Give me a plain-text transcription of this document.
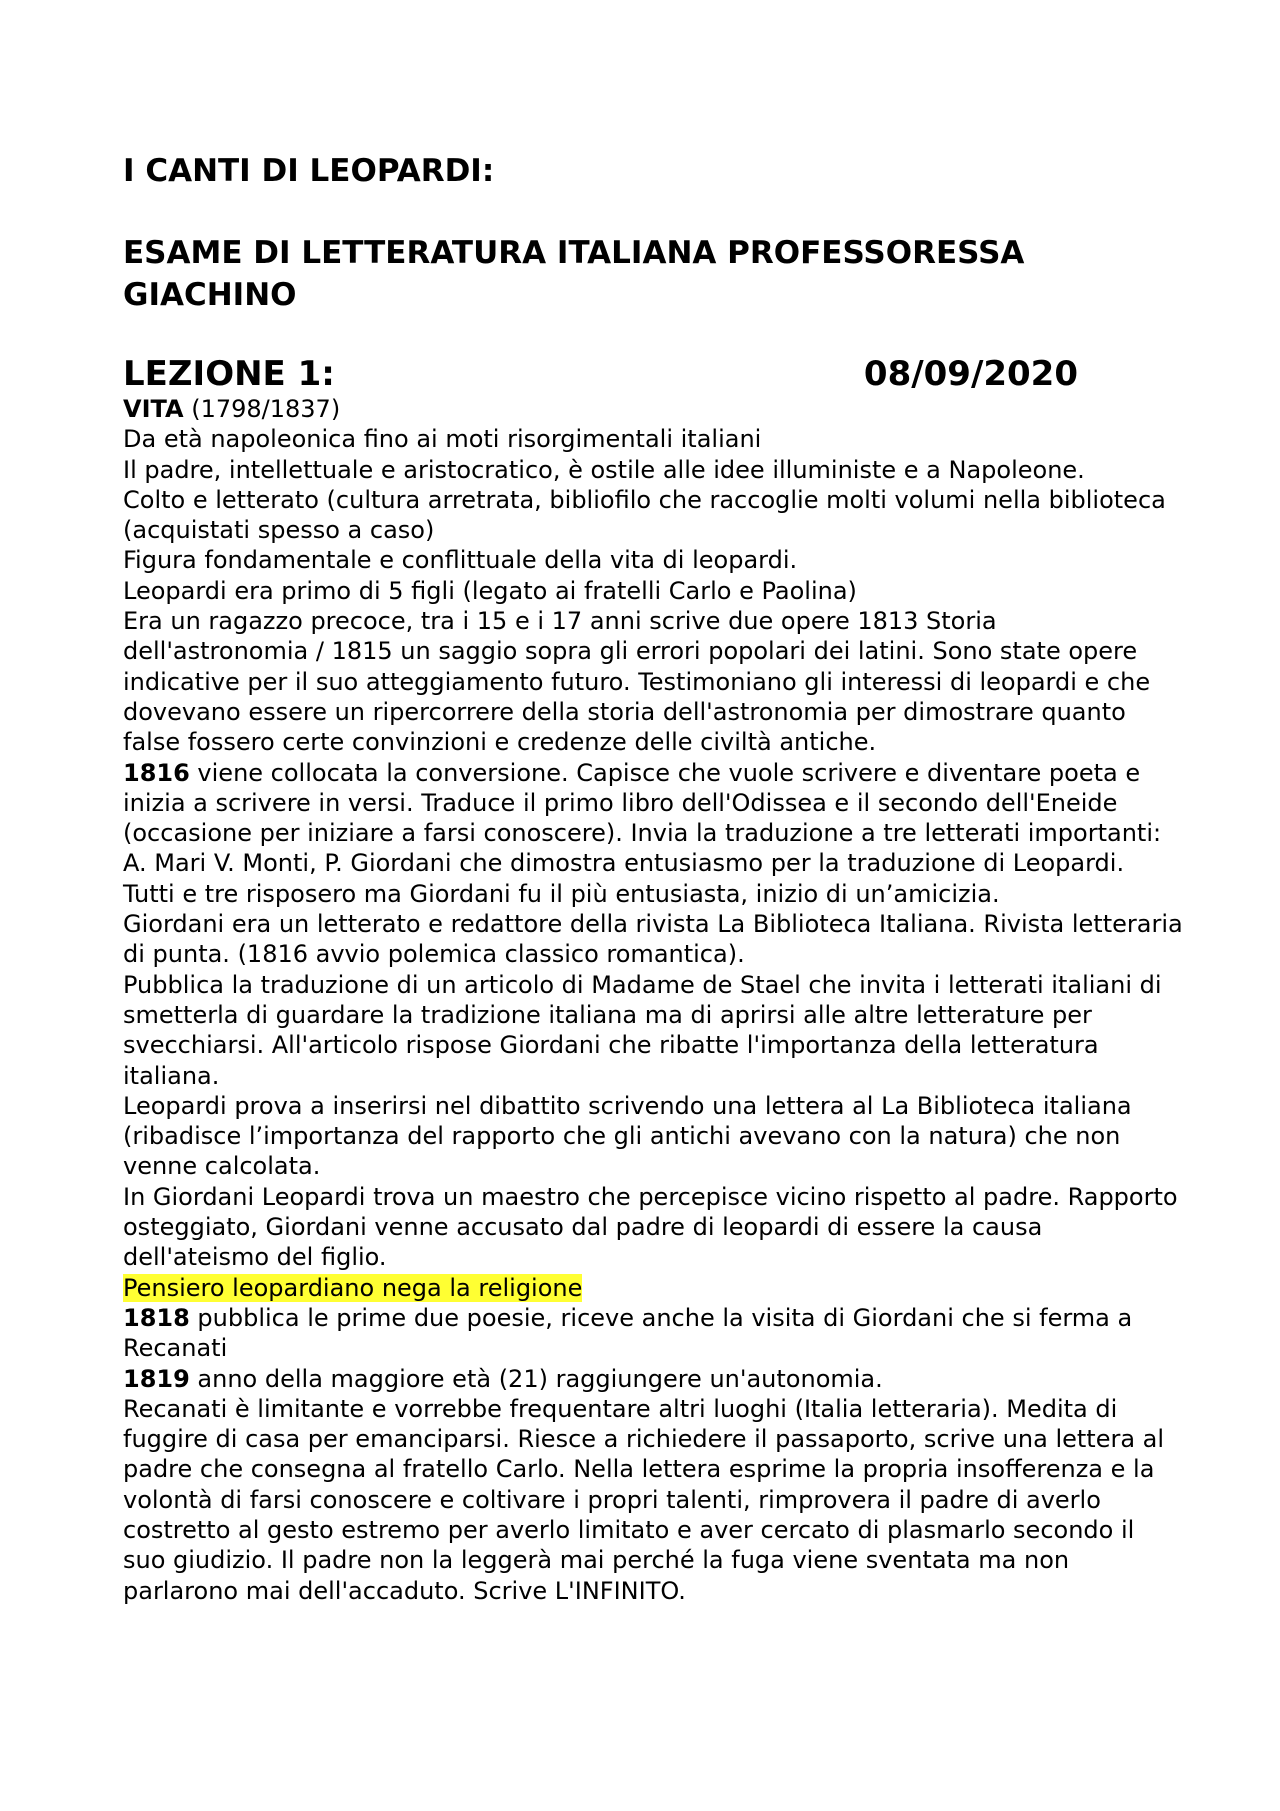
I CANTI DI LEOPARDI:
ESAME DI LETTERATURA ITALIANA PROFESSORESSA GIACHINO
LEZIONE 1:	08/09/2020

VITA (1798/1837)

Da età napoleonica fino ai moti risorgimentali italiani

Il padre, intellettuale e aristocratico, è ostile alle idee illuministe e a Napoleone.

Colto e letterato (cultura arretrata, bibliofilo che raccoglie molti volumi nella biblioteca (acquistati spesso a caso)

Figura fondamentale e conflittuale della vita di leopardi.

Leopardi era primo di 5 figli (legato ai fratelli Carlo e Paolina)

Era un ragazzo precoce, tra i 15 e i 17 anni scrive due opere 1813 Storia dell'astronomia / 1815 un saggio sopra gli errori popolari dei latini. Sono state opere indicative per il suo atteggiamento futuro. Testimoniano gli interessi di leopardi e che dovevano essere un ripercorrere della storia dell'astronomia per dimostrare quanto false fossero certe convinzioni e credenze delle civiltà antiche.

1816 viene collocata la conversione. Capisce che vuole scrivere e diventare poeta e inizia a scrivere in versi. Traduce il primo libro dell'Odissea e il secondo dell'Eneide (occasione per iniziare a farsi conoscere). Invia la traduzione a tre letterati importanti: A. Mari V. Monti, P. Giordani che dimostra entusiasmo per la traduzione di Leopardi. Tutti e tre risposero ma Giordani fu il più entusiasta, inizio di un’amicizia.

Giordani era un letterato e redattore della rivista La Biblioteca Italiana. Rivista letteraria di punta. (1816 avvio polemica classico romantica).

Pubblica la traduzione di un articolo di Madame de Stael che invita i letterati italiani di smetterla di guardare la tradizione italiana ma di aprirsi alle altre letterature per svecchiarsi. All'articolo rispose Giordani che ribatte l'importanza della letteratura italiana.

Leopardi prova a inserirsi nel dibattito scrivendo una lettera al La Biblioteca italiana (ribadisce l’importanza del rapporto che gli antichi avevano con la natura) che non venne calcolata.

In Giordani Leopardi trova un maestro che percepisce vicino rispetto al padre. Rapporto osteggiato, Giordani venne accusato dal padre di leopardi di essere la causa dell'ateismo del figlio.

Pensiero leopardiano nega la religione

1818 pubblica le prime due poesie, riceve anche la visita di Giordani che si ferma a Recanati

1819 anno della maggiore età (21) raggiungere un'autonomia.

Recanati è limitante e vorrebbe frequentare altri luoghi (Italia letteraria). Medita di fuggire di casa per emanciparsi. Riesce a richiedere il passaporto, scrive una lettera al padre che consegna al fratello Carlo. Nella lettera esprime la propria insofferenza e la volontà di farsi conoscere e coltivare i propri talenti, rimprovera il padre di averlo costretto al gesto estremo per averlo limitato e aver cercato di plasmarlo secondo il suo giudizio. Il padre non la leggerà mai perché la fuga viene sventata ma non parlarono mai dell'accaduto. Scrive L'INFINITO.
